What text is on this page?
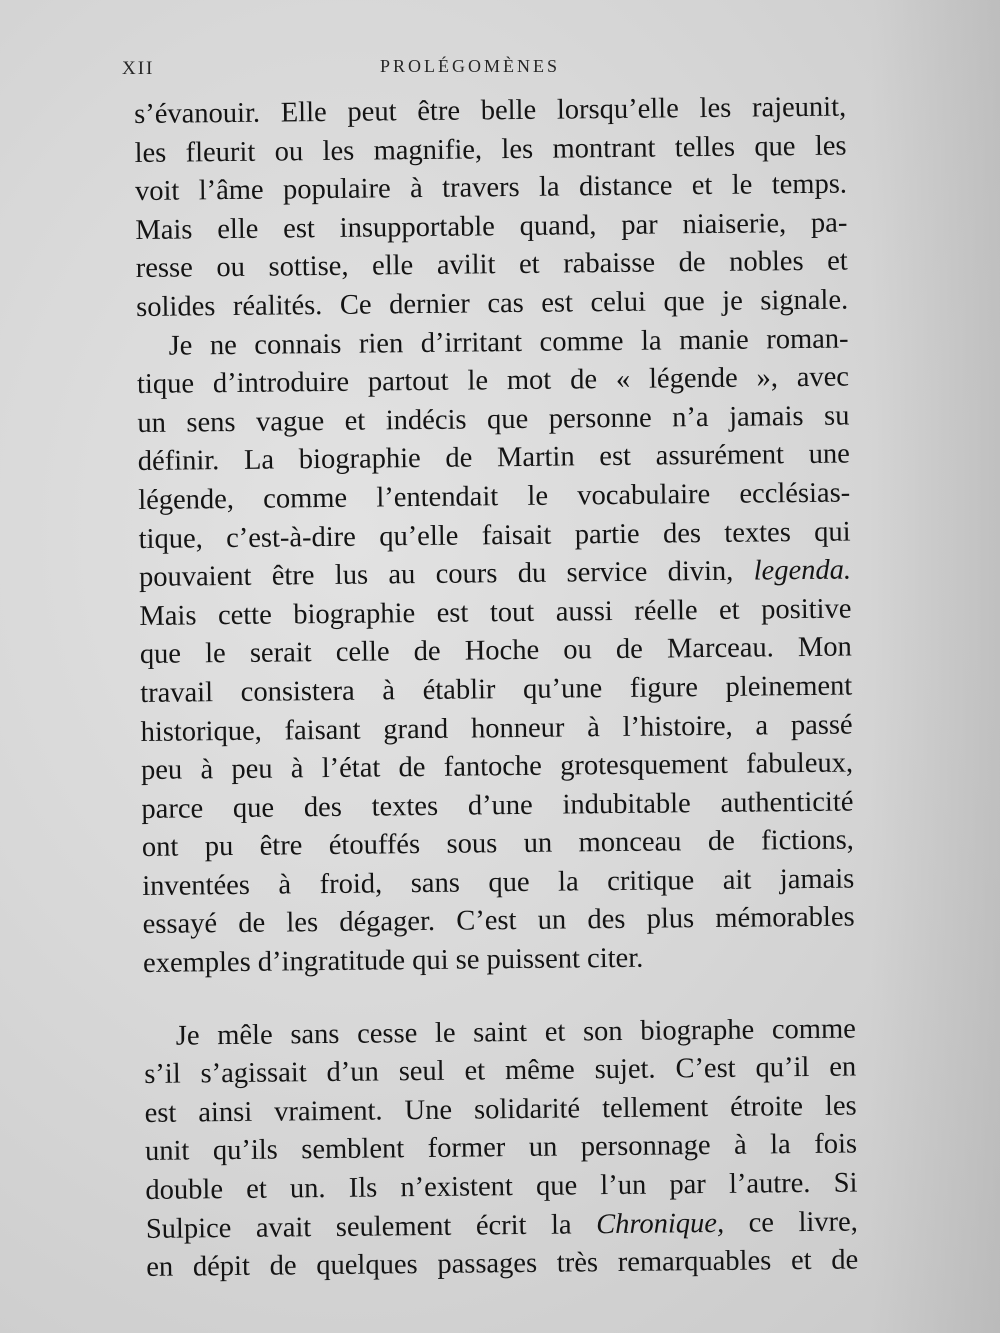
XII	PROLÉGOMÈNES

s’évanouir. Elle peut être belle lorsqu’elle les rajeunit,
les fleurit ou les magnifie, les montrant telles que les
voit l’âme populaire à travers la distance et le temps.
Mais elle est insupportable quand, par niaiserie, pa-
resse ou sottise, elle avilit et rabaisse de nobles et
solides réalités. Ce dernier cas est celui que je signale.

Je ne connais rien d’irritant comme la manie roman-
tique d’introduire partout le mot de « légende », avec
un sens vague et indécis que personne n’a jamais su
définir. La biographie de Martin est assurément une
légende, comme l’entendait le vocabulaire ecclésias-
tique, c’est-à-dire qu’elle faisait partie des textes qui
pouvaient être lus au cours du service divin, legenda.
Mais cette biographie est tout aussi réelle et positive
que le serait celle de Hoche ou de Marceau. Mon
travail consistera à établir qu’une figure pleinement
historique, faisant grand honneur à l’histoire, a passé
peu à peu à l’état de fantoche grotesquement fabuleux,
parce que des textes d’une indubitable authenticité
ont pu être étouffés sous un monceau de fictions,
inventées à froid, sans que la critique ait jamais
essayé de les dégager. C’est un des plus mémorables
exemples d’ingratitude qui se puissent citer.

Je mêle sans cesse le saint et son biographe comme
s’il s’agissait d’un seul et même sujet. C’est qu’il en
est ainsi vraiment. Une solidarité tellement étroite les
unit qu’ils semblent former un personnage à la fois
double et un. Ils n’existent que l’un par l’autre. Si
Sulpice avait seulement écrit la Chronique, ce livre,
en dépit de quelques passages très remarquables et de
